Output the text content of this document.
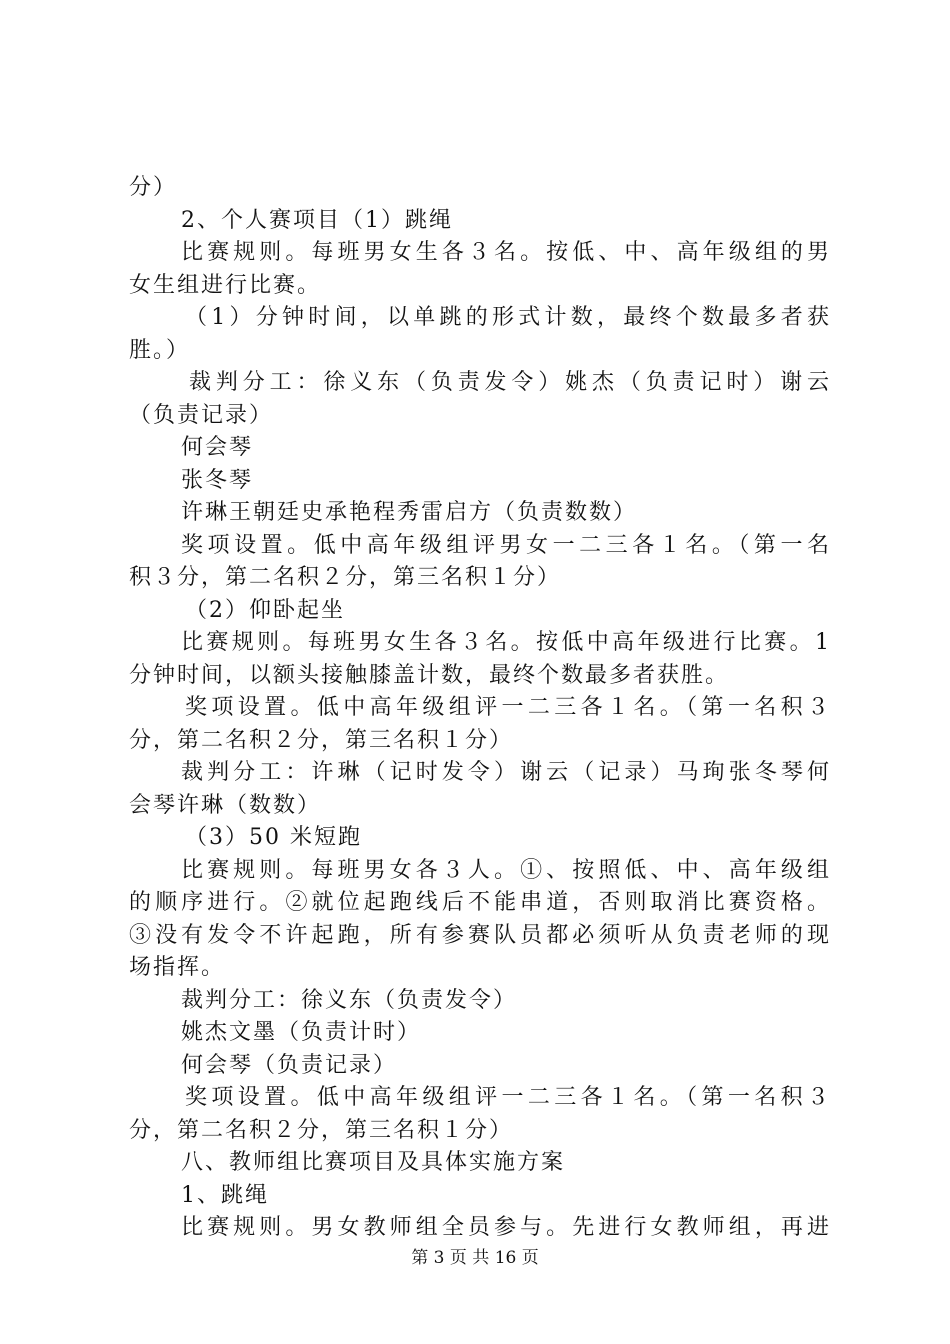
分）
2、个人赛项目（1）跳绳
比赛规则。每班男女生各３名。按低、中、高年级组的男
女生组进行比赛。
（1）分钟时间，以单跳的形式计数，最终个数最多者获
胜。）
裁判分工：徐义东（负责发令）姚杰（负责记时）谢云
（负责记录）
何会琴
张冬琴
许琳王朝廷史承艳程秀雷启方（负责数数）
奖项设置。低中高年级组评男女一二三各１名。（第一名
积３分，第二名积２分，第三名积１分）
（2）仰卧起坐
比赛规则。每班男女生各３名。按低中高年级进行比赛。1
分钟时间，以额头接触膝盖计数，最终个数最多者获胜。
奖项设置。低中高年级组评一二三各１名。（第一名积３
分，第二名积２分，第三名积１分）
裁判分工：许琳（记时发令）谢云（记录）马珣张冬琴何
会琴许琳（数数）
（3）50 米短跑
比赛规则。每班男女各３人。①、按照低、中、高年级组
的顺序进行。②就位起跑线后不能串道，否则取消比赛资格。
③没有发令不许起跑，所有参赛队员都必须听从负责老师的现
场指挥。
裁判分工：徐义东（负责发令）
姚杰文墨（负责计时）
何会琴（负责记录）
奖项设置。低中高年级组评一二三各１名。（第一名积３
分，第二名积２分，第三名积１分）
八、教师组比赛项目及具体实施方案
1、跳绳
比赛规则。男女教师组全员参与。先进行女教师组，再进
第 3 页 共 16 页
